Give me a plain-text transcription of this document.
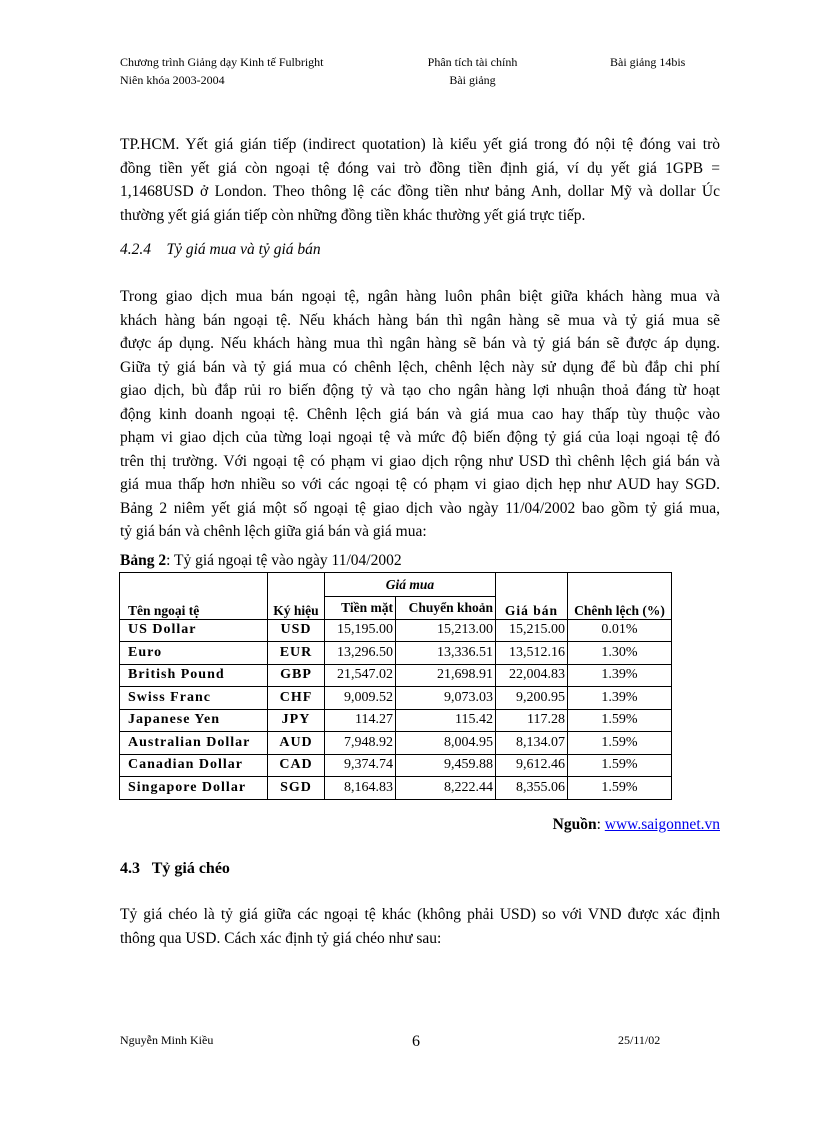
Chương trình Giảng dạy Kinh tế Fulbright
Niên khóa 2003-2004
Phân tích tài chính
Bài giảng
Bài giảng 14bis
TP.HCM. Yết giá gián tiếp (indirect quotation) là kiểu yết giá trong đó nội tệ đóng vai trò
đồng tiền yết giá còn ngoại tệ đóng vai trò đồng tiền định giá, ví dụ yết giá 1GPB =
1,1468USD ở London. Theo thông lệ các đồng tiền như bảng Anh, dollar Mỹ và dollar Úc
thường yết giá gián tiếp còn những đồng tiền khác thường yết giá trực tiếp.
4.2.4    Tỷ giá mua và tỷ giá bán
Trong giao dịch mua bán ngoại tệ, ngân hàng luôn phân biệt giữa khách hàng mua và
khách hàng bán ngoại tệ. Nếu khách hàng bán thì ngân hàng sẽ mua và tỷ giá mua sẽ
được áp dụng. Nếu khách hàng mua thì ngân hàng sẽ bán và tỷ giá bán sẽ được áp dụng.
Giữa tỷ giá bán và tỷ giá mua có chênh lệch, chênh lệch này sử dụng để bù đắp chi phí
giao dịch, bù đắp rủi ro biến động tỷ và tạo cho ngân hàng lợi nhuận thoả đáng từ hoạt
động kinh doanh ngoại tệ. Chênh lệch giá bán và giá mua cao hay thấp tùy thuộc vào
phạm vi giao dịch của từng loại ngoại tệ và mức độ biến động tỷ giá của loại ngoại tệ đó
trên thị trường. Với ngoại tệ có phạm vi giao dịch rộng như USD thì chênh lệch giá bán và
giá mua thấp hơn nhiều so với các ngoại tệ có phạm vi giao dịch hẹp như AUD hay SGD.
Bảng 2 niêm yết giá một số ngoại tệ giao dịch vào ngày 11/04/2002 bao gồm tỷ giá mua,
tỷ giá bán và chênh lệch giữa giá bán và giá mua:
Bảng 2: Tỷ giá ngoại tệ vào ngày 11/04/2002
Tên ngoại tệ	Ký hiệu	Giá mua		Giá bán	Chênh lệch (%)
		Tiền mặt	Chuyển khoản		
US Dollar	USD	15,195.00	15,213.00	15,215.00	0.01%
Euro	EUR	13,296.50	13,336.51	13,512.16	1.30%
British Pound	GBP	21,547.02	21,698.91	22,004.83	1.39%
Swiss Franc	CHF	9,009.52	9,073.03	9,200.95	1.39%
Japanese Yen	JPY	114.27	115.42	117.28	1.59%
Australian Dollar	AUD	7,948.92	8,004.95	8,134.07	1.59%
Canadian Dollar	CAD	9,374.74	9,459.88	9,612.46	1.59%
Singapore Dollar	SGD	8,164.83	8,222.44	8,355.06	1.59%
Nguồn: www.saigonnet.vn
4.3   Tỷ giá chéo
Tỷ giá chéo là tỷ giá giữa các ngoại tệ khác (không phải USD) so với VND được xác định
thông qua USD. Cách xác định tỷ giá chéo như sau:
Nguyễn Minh Kiều	6	25/11/02
